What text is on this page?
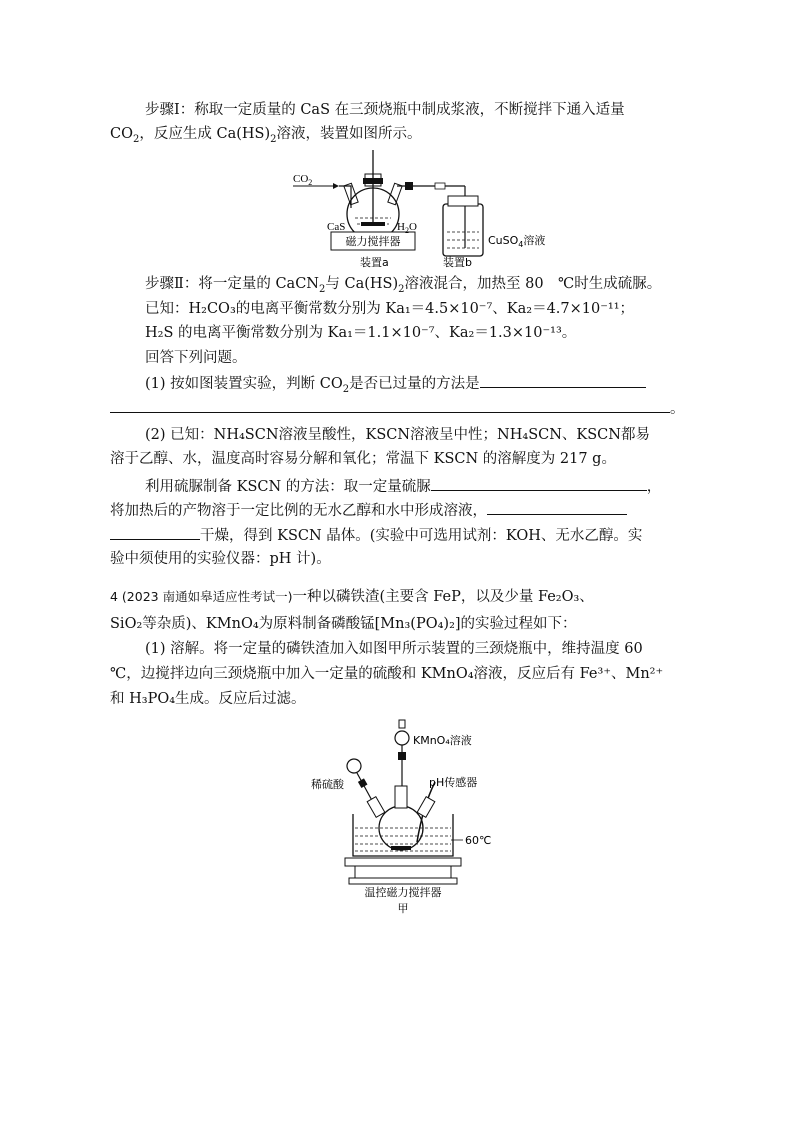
步骤Ⅰ：称取一定质量的 CaS 在三颈烧瓶中制成浆液，不断搅拌下通入适量
$CO_2$，反应生成 $Ca(HS)_2$溶液，装置如图所示。
$CO_2$
磁力搅拌器
CaS	$H_2O$
CuSO$_4$溶液
装置a	装置b
步骤Ⅱ：将一定量的 CaCN$_2$与 $Ca(HS)_2$溶液混合，加热至 80　℃时生成硫脲。
已知：H₂CO₃的电离平衡常数分别为 Ka₁＝4.5×10⁻⁷、Ka₂＝4.7×10⁻¹¹；
H₂S 的电离平衡常数分别为 Ka₁＝1.1×10⁻⁷、Ka₂＝1.3×10⁻¹³。
回答下列问题。
(1) 按如图装置实验，判断 $CO_2$是否已过量的方法是
。
(2) 已知：NH₄SCN溶液呈酸性，KSCN溶液呈中性；NH₄SCN、KSCN都易
溶于乙醇、水，温度高时容易分解和氧化；常温下 KSCN 的溶解度为 217 g。
利用硫脲制备 KSCN 的方法：取一定量硫脲	，
将加热后的产物溶于一定比例的无水乙醇和水中形成溶液，
干燥，得到 KSCN 晶体。(实验中可选用试剂：KOH、无水乙醇。实
验中须使用的实验仪器：pH 计)。
4 (2023 南通如皋适应性考试一)一种以磷铁渣(主要含 FeP，以及少量 Fe₂O₃、
SiO₂等杂质)、KMnO₄为原料制备磷酸锰[Mn₃(PO₄)₂]的实验过程如下：
(1) 溶解。将一定量的磷铁渣加入如图甲所示装置的三颈烧瓶中，维持温度 60
℃，边搅拌边向三颈烧瓶中加入一定量的硫酸和 KMnO₄溶液，反应后有 Fe³⁺、Mn²⁺
和 H₃PO₄生成。反应后过滤。
KMnO₄溶液
稀硫酸	pH传感器
60℃
温控磁力搅拌器
甲
